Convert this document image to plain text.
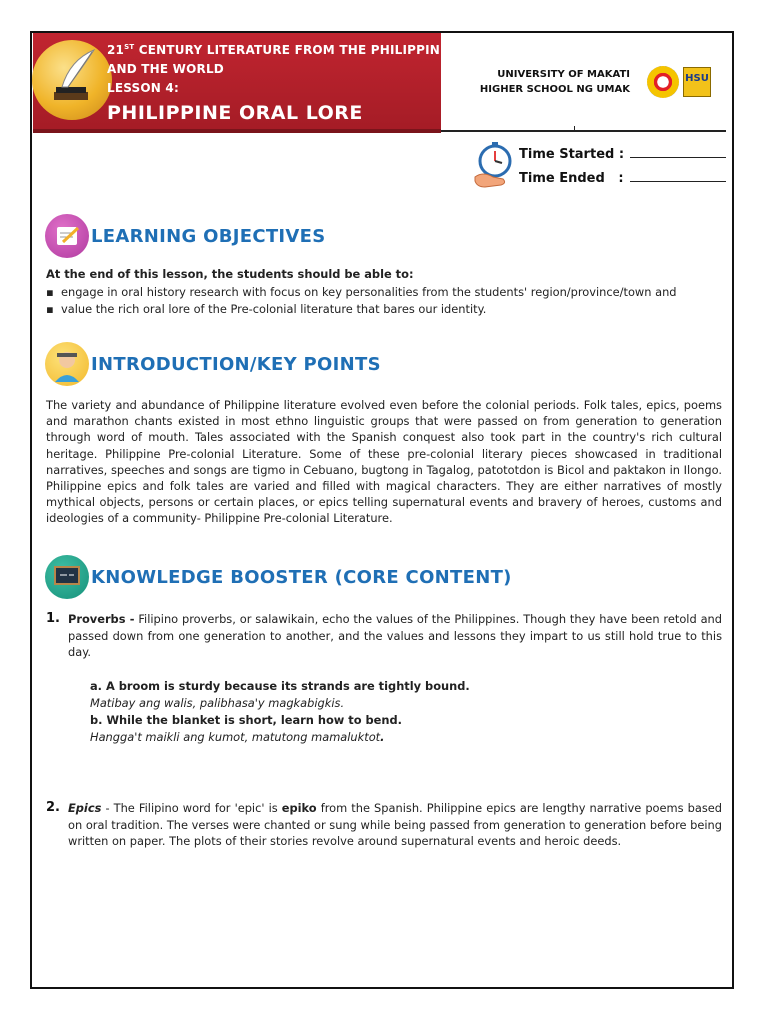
21ST CENTURY LITERATURE FROM THE PHILIPPINES
AND THE WORLD
LESSON 4:
PHILIPPINE ORAL LORE
UNIVERSITY OF MAKATI
HIGHER SCHOOL NG UMAK
HSU
Time Started :
Time Ended   :
LEARNING OBJECTIVES
At the end of this lesson, the students should be able to:
▪  engage in oral history research with focus on key personalities from the students' region/province/town and
▪  value the rich oral lore of the Pre-colonial literature that bares our identity.
INTRODUCTION/KEY POINTS
The variety and abundance of Philippine literature evolved even before the colonial periods. Folk tales, epics, poems and marathon chants existed in most ethno linguistic groups that were passed on from generation to generation through word of mouth. Tales associated with the Spanish conquest also took part in the country's rich cultural heritage. Philippine Pre-colonial Literature. Some of these pre-colonial literary pieces showcased in traditional narratives, speeches and songs are tigmo in Cebuano, bugtong in Tagalog, patototdon is Bicol and paktakon in Ilongo. Philippine epics and folk tales are varied and filled with magical characters. They are either narratives of mostly mythical objects, persons or certain places, or epics telling supernatural events and bravery of heroes, customs and ideologies of a community- Philippine Pre-colonial Literature.
KNOWLEDGE BOOSTER (CORE CONTENT)
1. Proverbs - Filipino proverbs, or salawikain, echo the values of the Philippines. Though they have been retold and passed down from one generation to another, and the values and lessons they impart to us still hold true to this day.
a. A broom is sturdy because its strands are tightly bound.
Matibay ang walis, palibhasa'y magkabigkis.
b. While the blanket is short, learn how to bend.
Hangga't maikli ang kumot, matutong mamaluktot.
2. Epics - The Filipino word for 'epic' is epiko from the Spanish. Philippine epics are lengthy narrative poems based on oral tradition. The verses were chanted or sung while being passed from generation to generation before being written on paper. The plots of their stories revolve around supernatural events and heroic deeds.
